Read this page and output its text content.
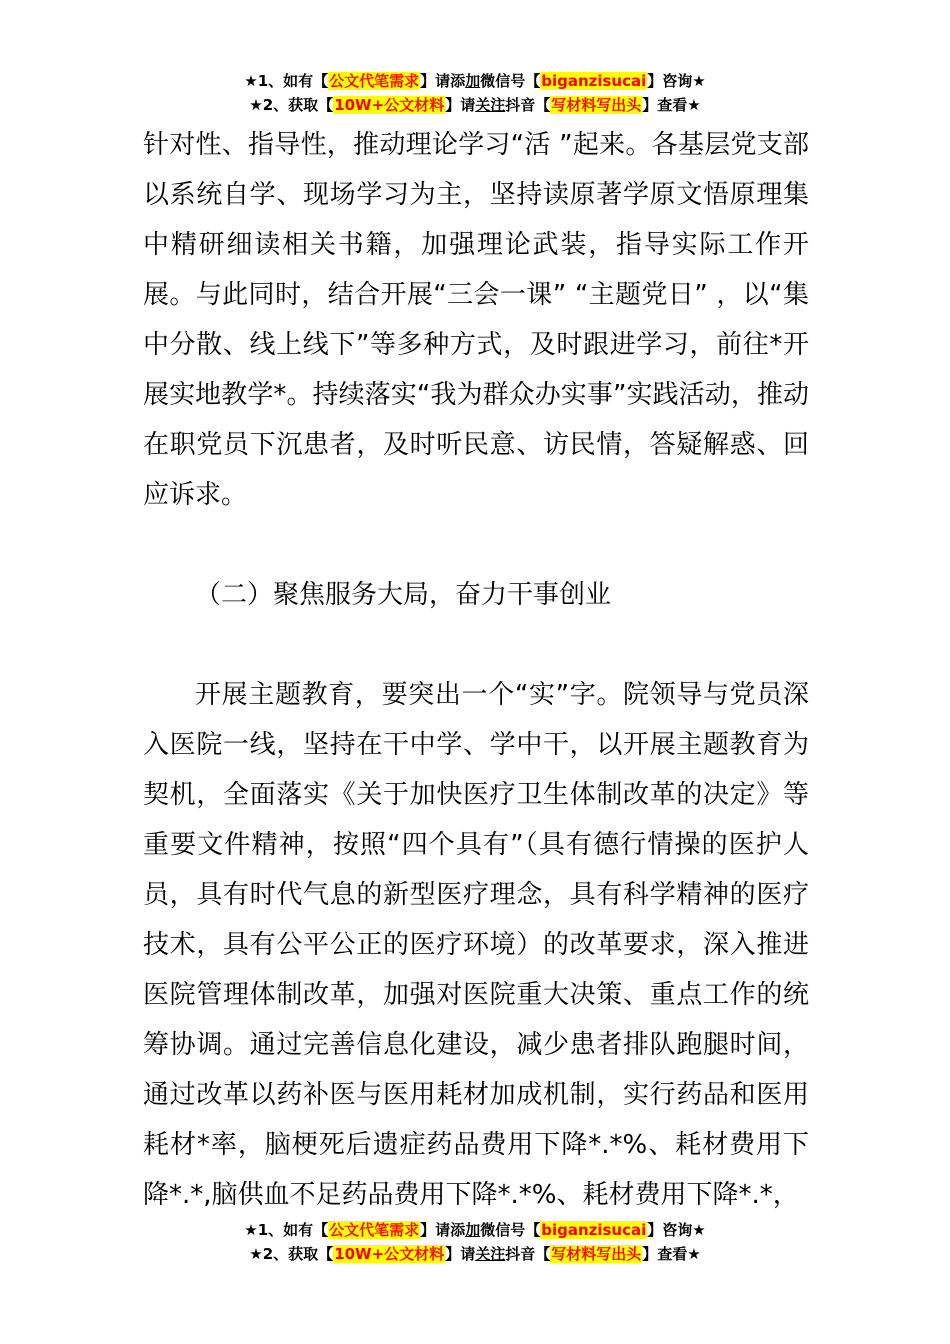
★1、如有【公文代笔需求】请添加微信号【biganzisucai】咨询★
★2、获取【10W+公文材料】请关注抖音【写材料写出头】查看★

针对性、指导性，推动理论学习“活 ”起来。各基层党支部以系统自学、现场学习为主，坚持读原著学原文悟原理集中精研细读相关书籍，加强理论武装，指导实际工作开展。与此同时，结合开展“三会一课” “主题党日” ，以“集中分散、线上线下”等多种方式，及时跟进学习，前往*开展实地教学*。持续落实“我为群众办实事”实践活动，推动在职党员下沉患者，及时听民意、访民情，答疑解惑、回应诉求。

（二）聚焦服务大局，奋力干事创业

开展主题教育，要突出一个“实”字。院领导与党员深入医院一线，坚持在干中学、学中干，以开展主题教育为契机，全面落实《关于加快医疗卫生体制改革的决定》等重要文件精神，按照“四个具有”（具有德行情操的医护人员，具有时代气息的新型医疗理念，具有科学精神的医疗技术，具有公平公正的医疗环境）的改革要求，深入推进医院管理体制改革，加强对医院重大决策、重点工作的统筹协调。通过完善信息化建设，减少患者排队跑腿时间，通过改革以药补医与医用耗材加成机制，实行药品和医用耗材*率，脑梗死后遗症药品费用下降*.*%、耗材费用下降*.*,脑供血不足药品费用下降*.*%、耗材费用下降*.*，

★1、如有【公文代笔需求】请添加微信号【biganzisucai】咨询★
★2、获取【10W+公文材料】请关注抖音【写材料写出头】查看★
